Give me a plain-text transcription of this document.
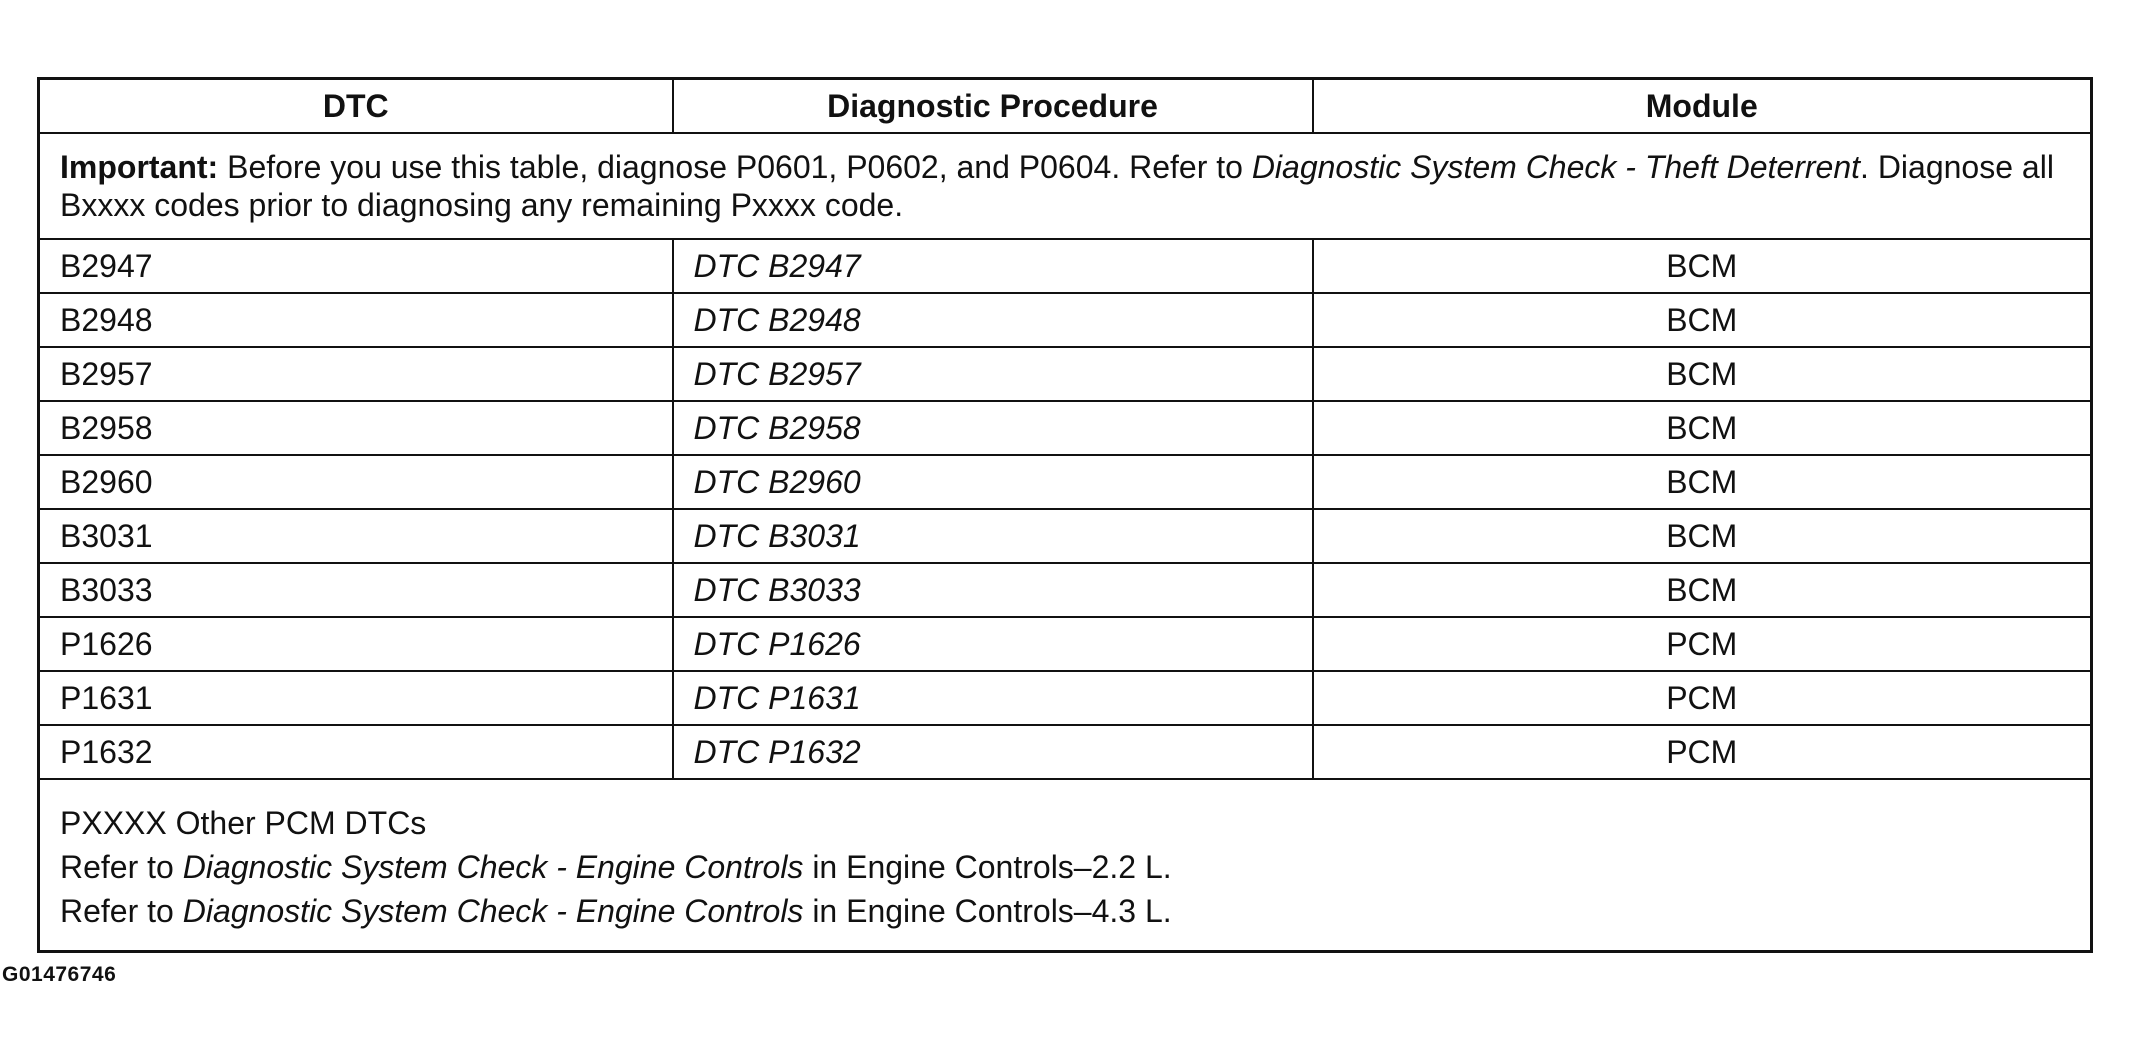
DTC	Diagnostic Procedure	Module
Important: Before you use this table, diagnose P0601, P0602, and P0604. Refer to Diagnostic System Check - Theft Deterrent. Diagnose all Bxxxx codes prior to diagnosing any remaining Pxxxx code.		
B2947	DTC B2947	BCM
B2948	DTC B2948	BCM
B2957	DTC B2957	BCM
B2958	DTC B2958	BCM
B2960	DTC B2960	BCM
B3031	DTC B3031	BCM
B3033	DTC B3033	BCM
P1626	DTC P1626	PCM
P1631	DTC P1631	PCM
P1632	DTC P1632	PCM

PXXXX Other PCM DTCs
Refer to Diagnostic System Check - Engine Controls in Engine Controls–2.2 L.
Refer to Diagnostic System Check - Engine Controls in Engine Controls–4.3 L.		
G01476746
